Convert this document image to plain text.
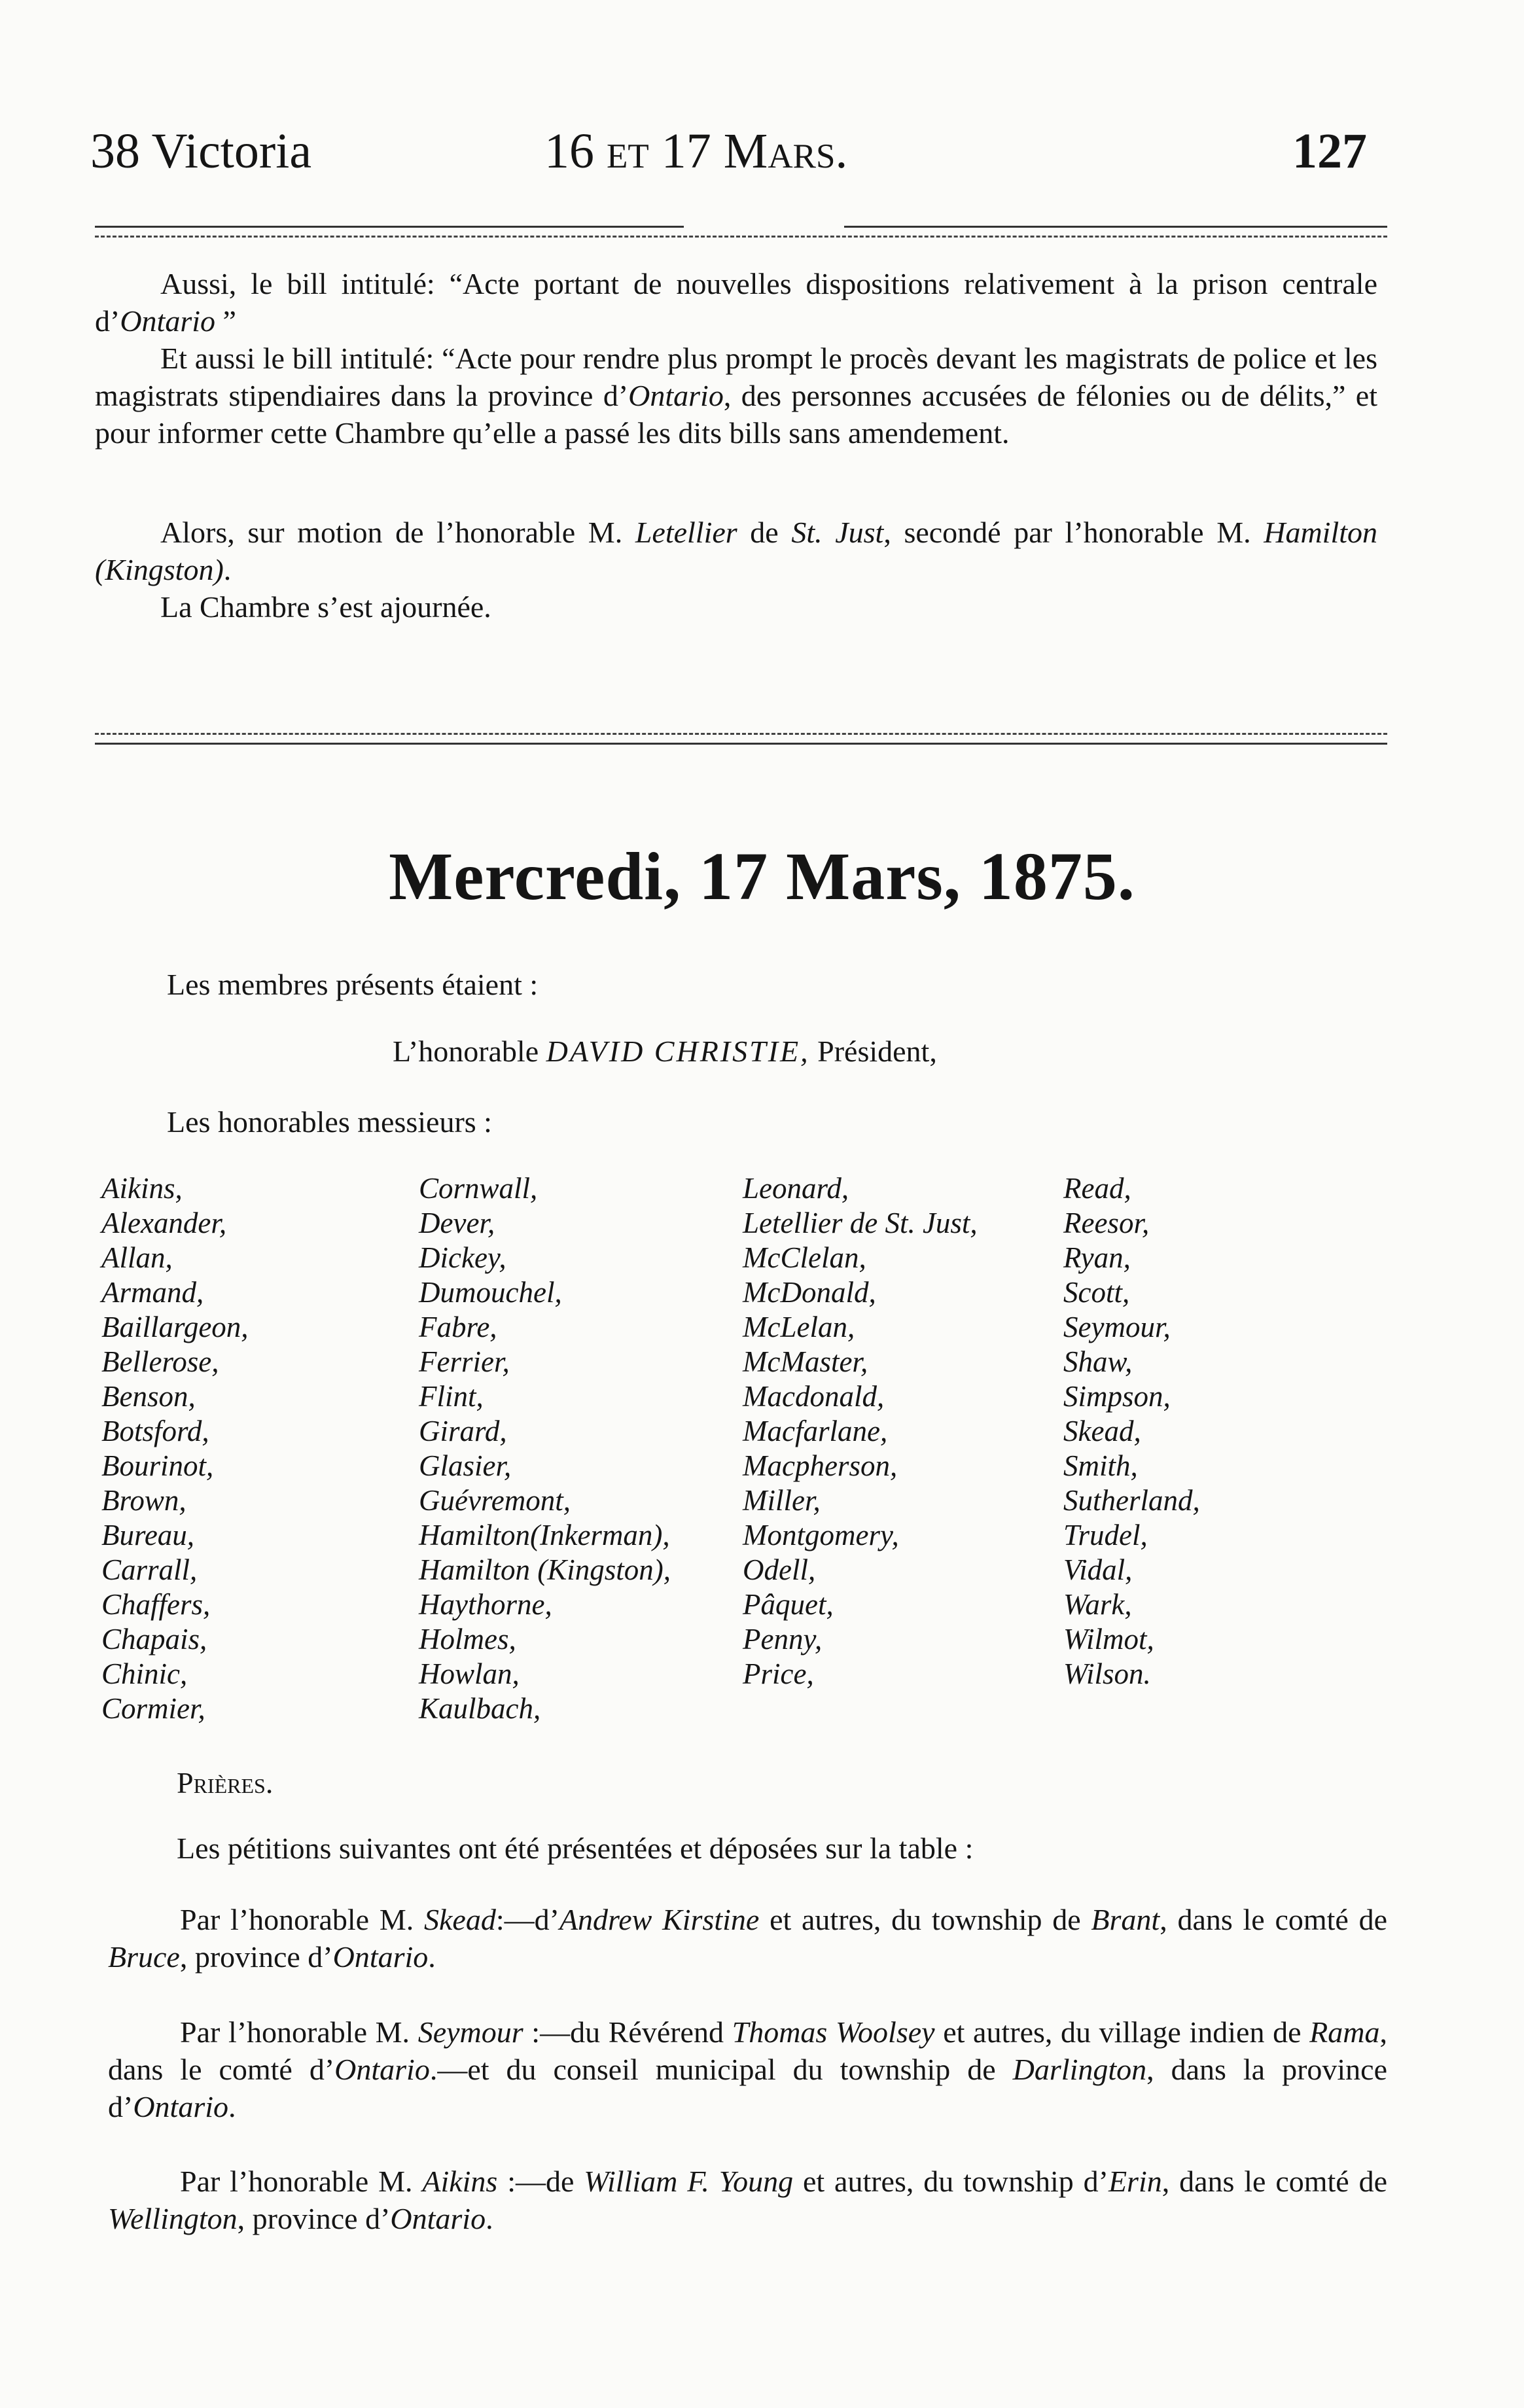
38 Victoria	16 et 17 Mars.	127
Aussi, le bill intitulé: “Acte portant de nouvelles dispositions relativement à la prison centrale d’Ontario ”
Et aussi le bill intitulé: “Acte pour rendre plus prompt le procès devant les magistrats de police et les magistrats stipendiaires dans la province d’Ontario, des personnes accusées de félonies ou de délits,” et pour informer cette Chambre qu’elle a passé les dits bills sans amendement.
Alors, sur motion de l’honorable M. Letellier de St. Just, secondé par l’honorable M. Hamilton (Kingston).
La Chambre s’est ajournée.
Mercredi, 17 Mars, 1875.
Les membres présents étaient :
L’honorable DAVID CHRISTIE, Président,
Les honorables messieurs :
Aikins,
Alexander,
Allan,
Armand,
Baillargeon,
Bellerose,
Benson,
Botsford,
Bourinot,
Brown,
Bureau,
Carrall,
Chaffers,
Chapais,
Chinic,
Cormier,
Cornwall,
Dever,
Dickey,
Dumouchel,
Fabre,
Ferrier,
Flint,
Girard,
Glasier,
Guévremont,
Hamilton(Inkerman),
Hamilton (Kingston),
Haythorne,
Holmes,
Howlan,
Kaulbach,
Leonard,
Letellier de St. Just,
McClelan,
McDonald,
McLelan,
McMaster,
Macdonald,
Macfarlane,
Macpherson,
Miller,
Montgomery,
Odell,
Pâquet,
Penny,
Price,
Read,
Reesor,
Ryan,
Scott,
Seymour,
Shaw,
Simpson,
Skead,
Smith,
Sutherland,
Trudel,
Vidal,
Wark,
Wilmot,
Wilson.
Prières.
Les pétitions suivantes ont été présentées et déposées sur la table :
Par l’honorable M. Skead:—d’Andrew Kirstine et autres, du township de Brant, dans le comté de Bruce, province d’Ontario.
Par l’honorable M. Seymour :—du Révérend Thomas Woolsey et autres, du village indien de Rama, dans le comté d’Ontario.—et du conseil municipal du township de Darlington, dans la province d’Ontario.
Par l’honorable M. Aikins :—de William F. Young et autres, du township d’Erin, dans le comté de Wellington, province d’Ontario.
